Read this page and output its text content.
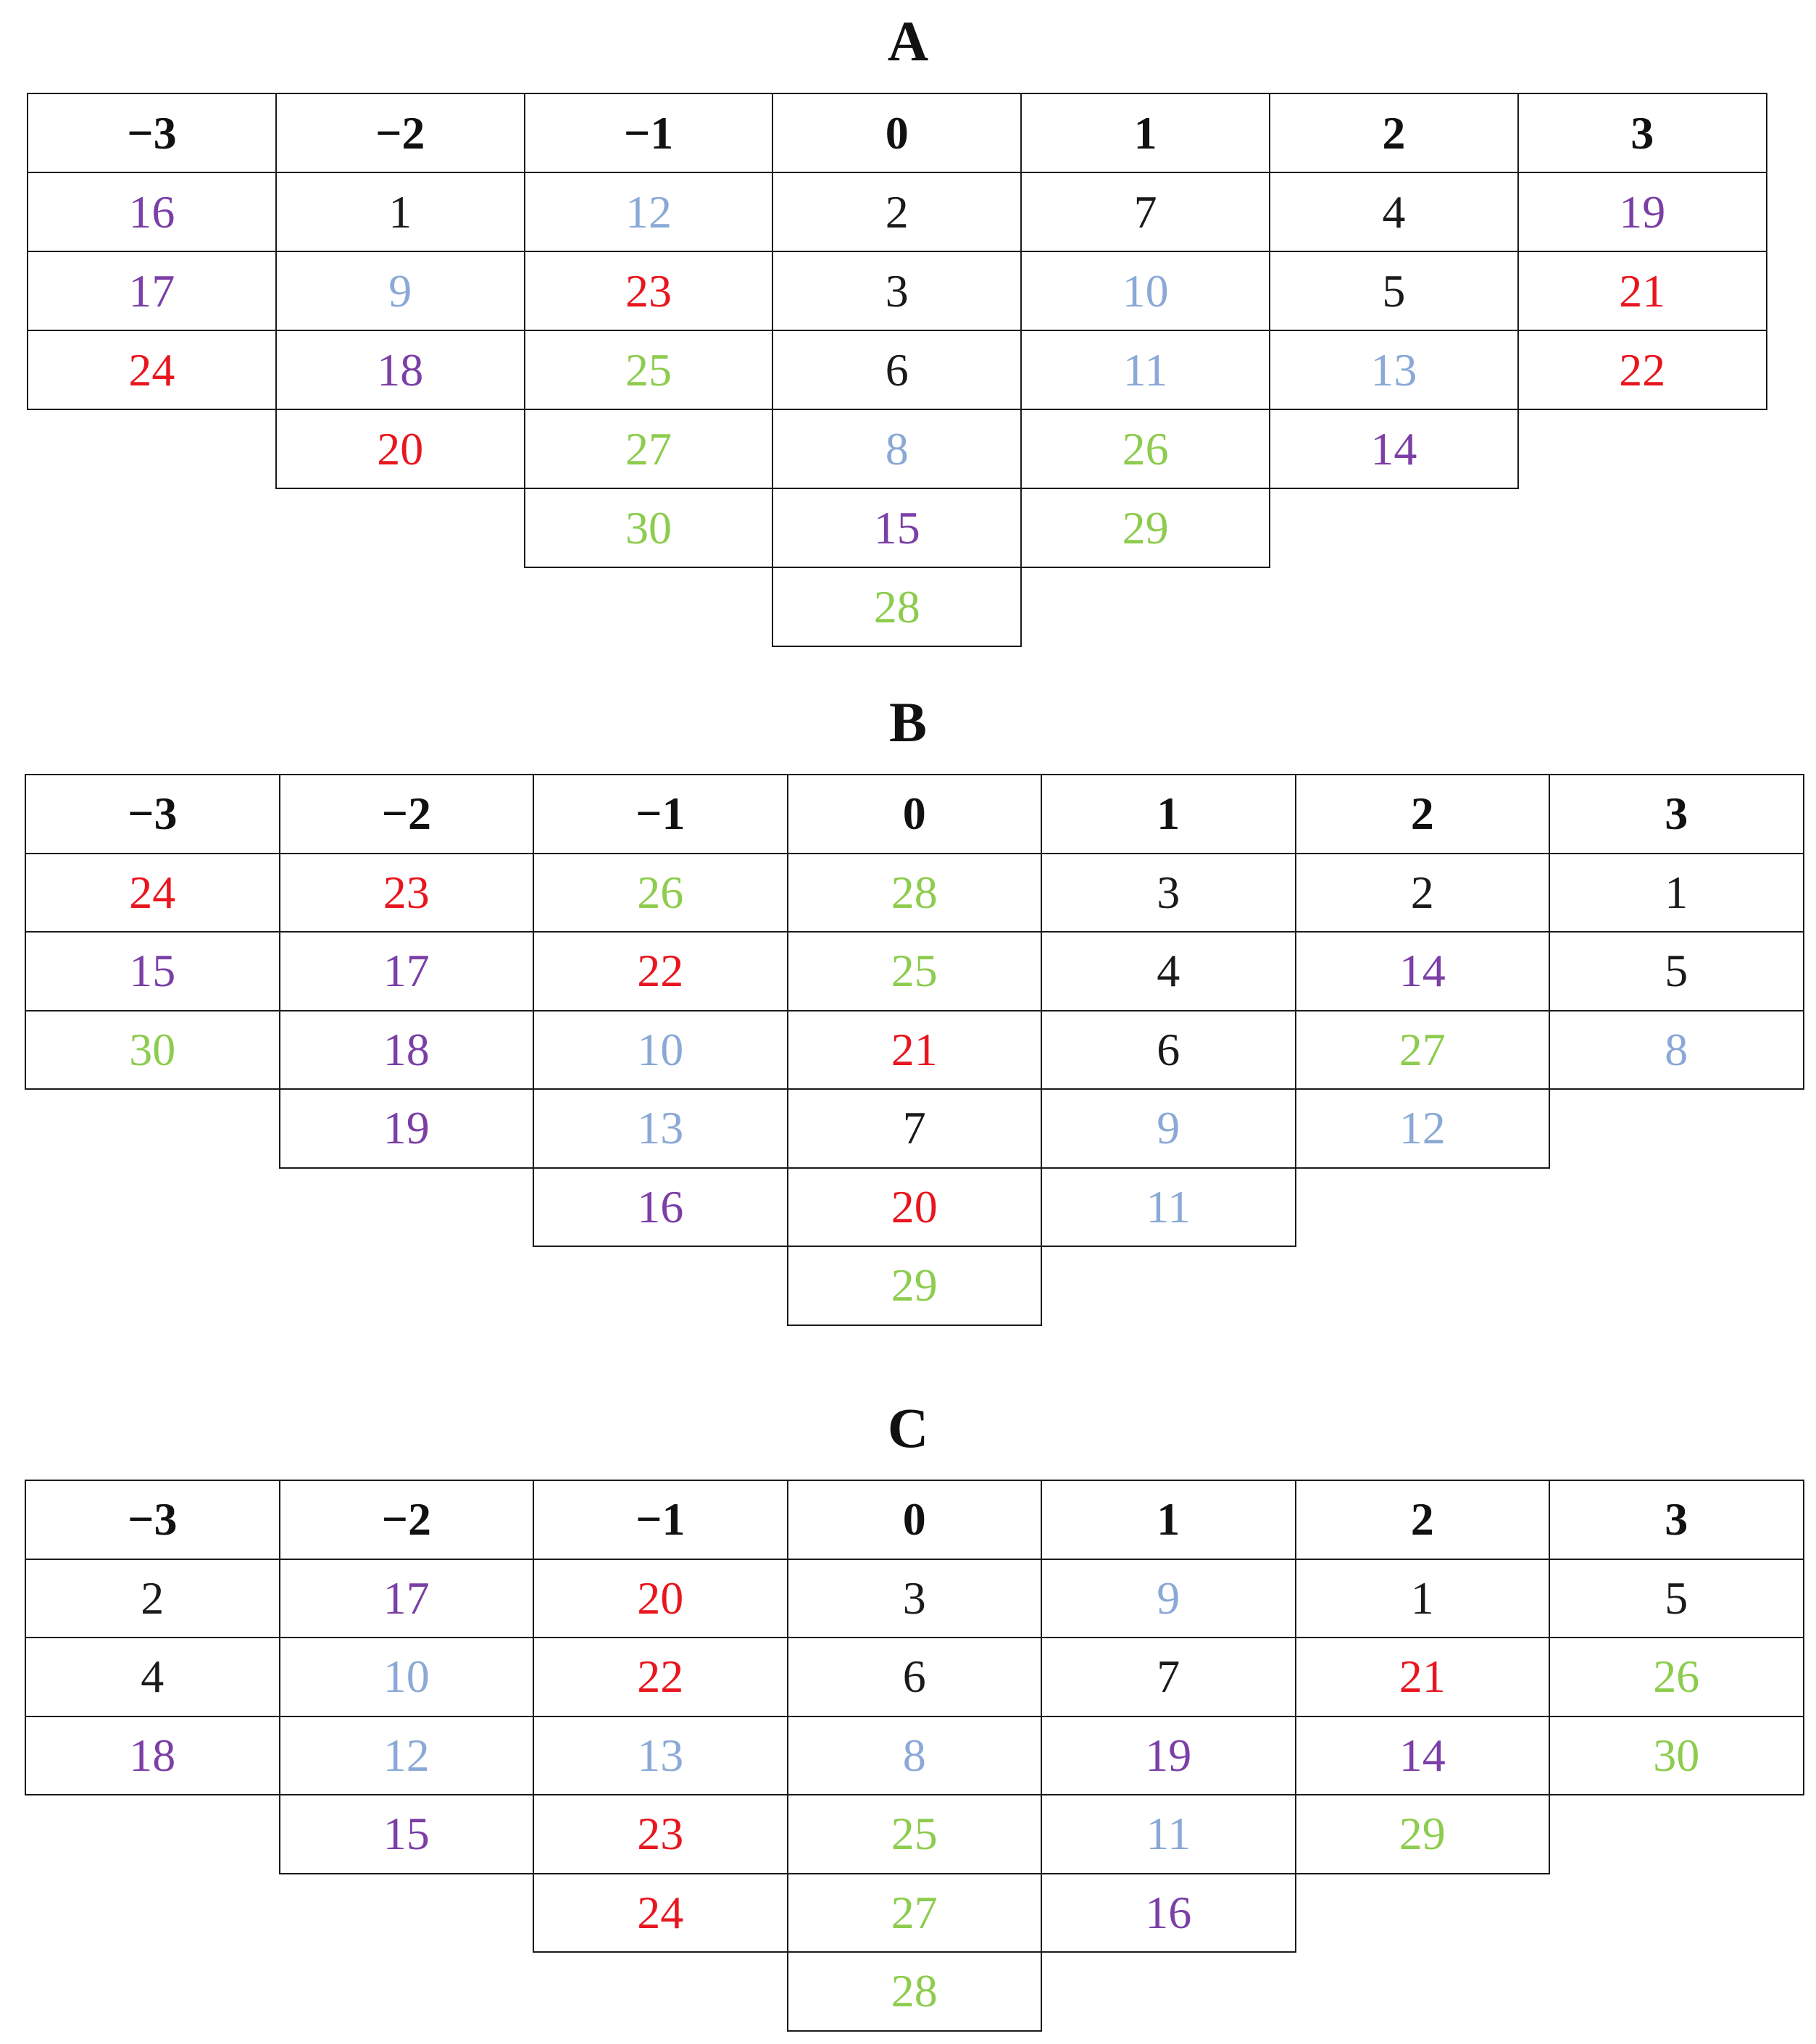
A
−3
16
17
24
−2
1
9
18
20
−1
12
23
25
27
30
0
2
3
6
8
15
28
1
7
10
11
26
29
2
4
5
13
14
3
19
21
22
B
−3
24
15
30
−2
23
17
18
19
−1
26
22
10
13
16
0
28
25
21
7
20
29
1
3
4
6
9
11
2
2
14
27
12
3
1
5
8
C
−3
2
4
18
−2
17
10
12
15
−1
20
22
13
23
24
0
3
6
8
25
27
28
1
9
7
19
11
16
2
1
21
14
29
3
5
26
30
